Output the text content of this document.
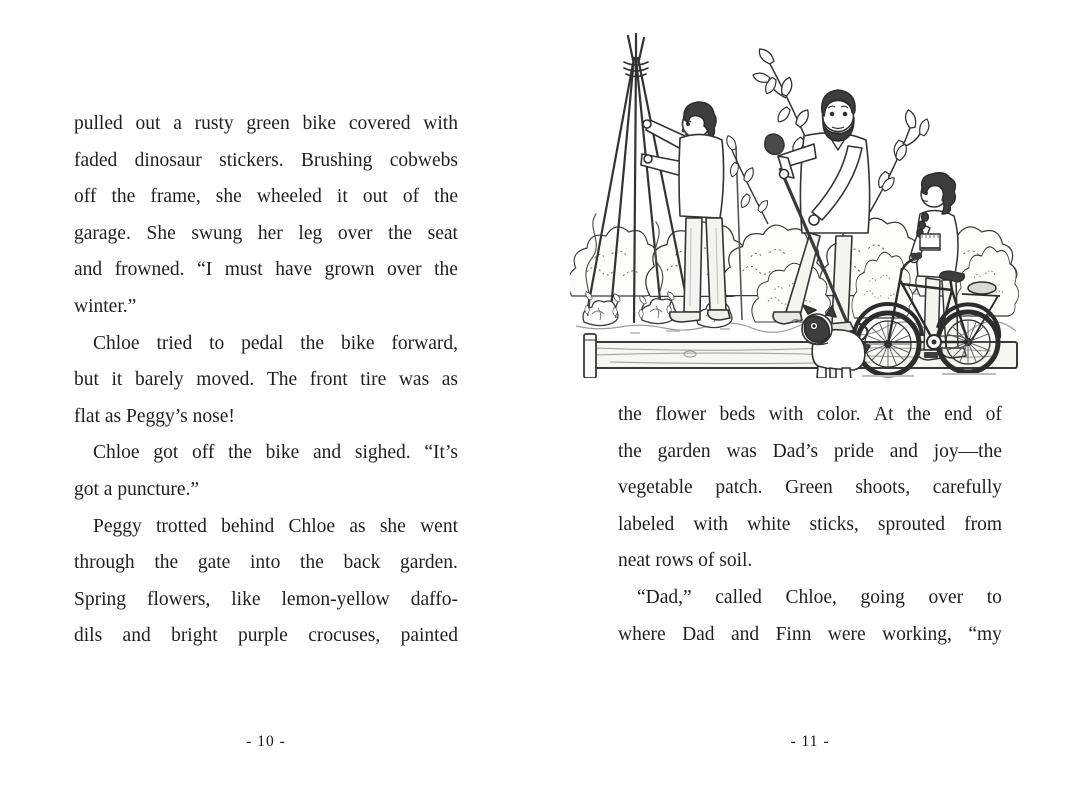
pulled out a rusty green bike covered with

faded dinosaur stickers. Brushing cobwebs

off the frame, she wheeled it out of the

garage. She swung her leg over the seat

and frowned. “I must have grown over the

winter.”

Chloe tried to pedal the bike forward,

but it barely moved. The front tire was as

flat as Peggy’s nose!

Chloe got off the bike and sighed. “It’s

got a puncture.”

Peggy trotted behind Chloe as she went

through the gate into the back garden.

Spring flowers, like lemon-yellow daffo-

dils and bright purple crocuses, painted

- 10 -

the flower beds with color. At the end of

the garden was Dad’s pride and joy—the

vegetable patch. Green shoots, carefully

labeled with white sticks, sprouted from

neat rows of soil.

“Dad,” called Chloe, going over to

where Dad and Finn were working, “my

- 11 -
